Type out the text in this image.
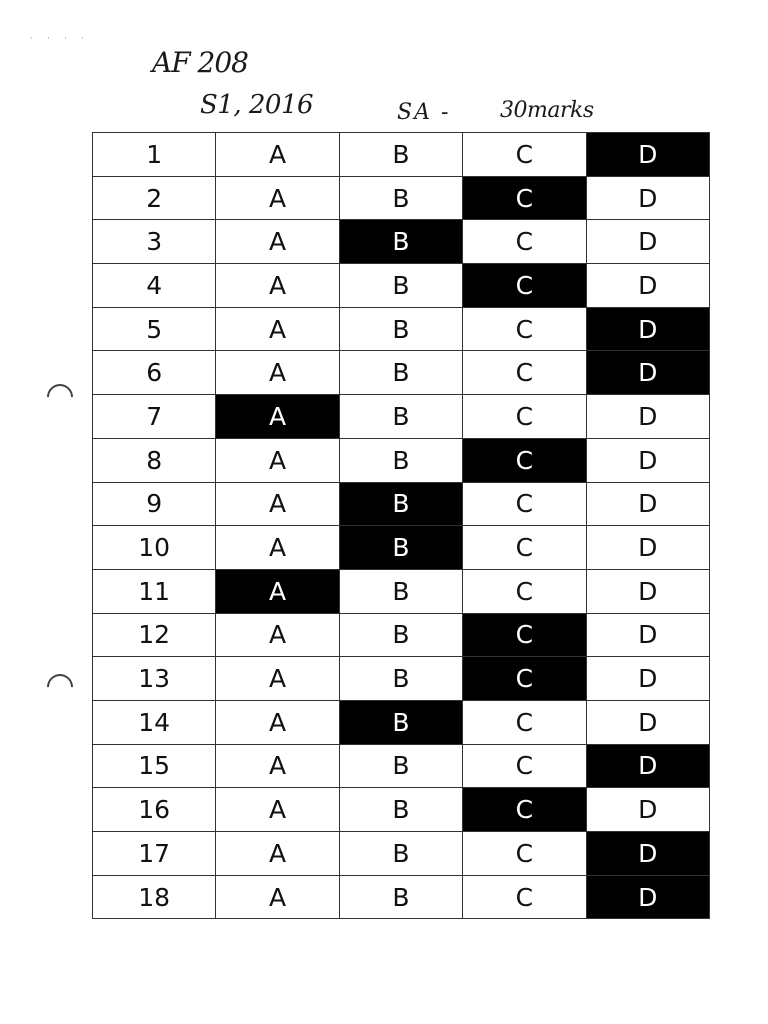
· · · ·
AF 208
S1, 2016	SA - 30marks
1	A	B	C	D
2	A	B	C	D
3	A	B	C	D
4	A	B	C	D
5	A	B	C	D
6	A	B	C	D
7	A	B	C	D
8	A	B	C	D
9	A	B	C	D
10	A	B	C	D
11	A	B	C	D
12	A	B	C	D
13	A	B	C	D
14	A	B	C	D
15	A	B	C	D
16	A	B	C	D
17	A	B	C	D
18	A	B	C	D
